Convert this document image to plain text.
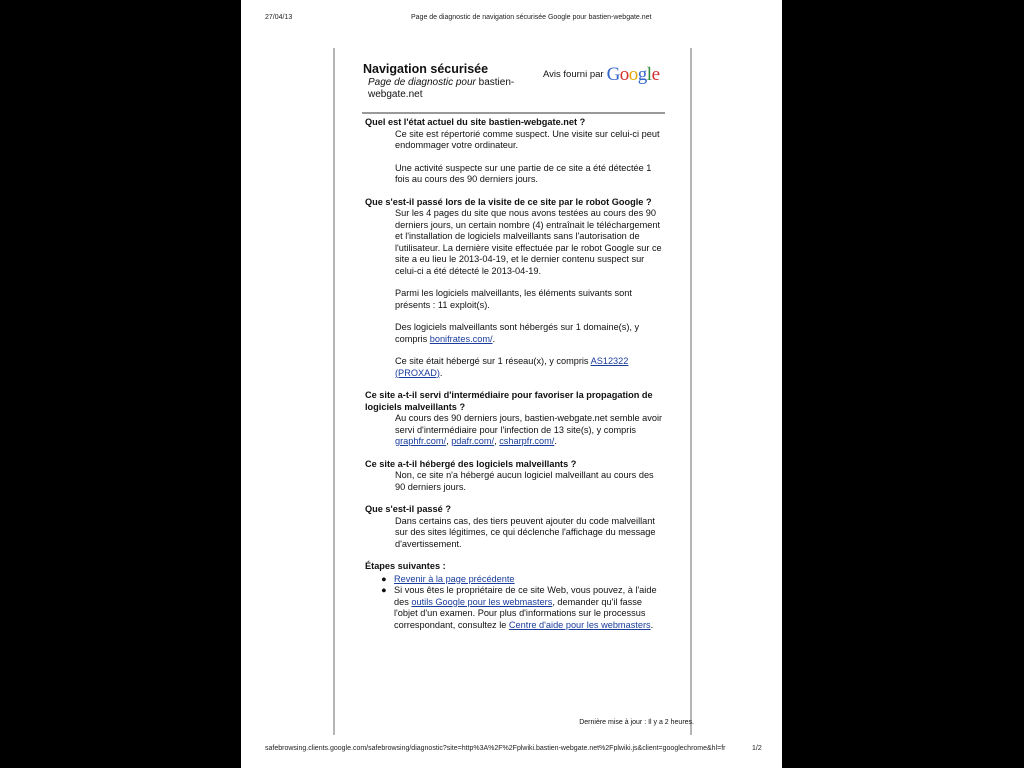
27/04/13	Page de diagnostic de navigation sécurisée Google pour bastien-webgate.net
Navigation sécurisée
Page de diagnostic pour bastien-webgate.net
Avis fourni par Google
Quel est l'état actuel du site bastien-webgate.net ?

Ce site est répertorié comme suspect. Une visite sur celui-ci peut endommager votre ordinateur.

Une activité suspecte sur une partie de ce site a été détectée 1 fois au cours des 90 derniers jours.

Que s'est-il passé lors de la visite de ce site par le robot Google ?

Sur les 4 pages du site que nous avons testées au cours des 90 derniers jours, un certain nombre (4) entraînait le téléchargement et l'installation de logiciels malveillants sans l'autorisation de l'utilisateur. La dernière visite effectuée par le robot Google sur ce site a eu lieu le 2013-04-19, et le dernier contenu suspect sur celui-ci a été détecté le 2013-04-19.

Parmi les logiciels malveillants, les éléments suivants sont présents : 11 exploit(s).

Des logiciels malveillants sont hébergés sur 1 domaine(s), y compris bonifrates.com/.

Ce site était hébergé sur 1 réseau(x), y compris AS12322 (PROXAD).

Ce site a-t-il servi d'intermédiaire pour favoriser la propagation de logiciels malveillants ?

Au cours des 90 derniers jours, bastien-webgate.net semble avoir servi d'intermédiaire pour l'infection de 13 site(s), y compris graphfr.com/, pdafr.com/, csharpfr.com/.

Ce site a-t-il hébergé des logiciels malveillants ?

Non, ce site n'a hébergé aucun logiciel malveillant au cours des 90 derniers jours.

Que s'est-il passé ?

Dans certains cas, des tiers peuvent ajouter du code malveillant sur des sites légitimes, ce qui déclenche l'affichage du message d'avertissement.

Étapes suivantes :
● Revenir à la page précédente
● Si vous êtes le propriétaire de ce site Web, vous pouvez, à l'aide des outils Google pour les webmasters, demander qu'il fasse l'objet d'un examen. Pour plus d'informations sur le processus correspondant, consultez le Centre d'aide pour les webmasters.
Dernière mise à jour : Il y a 2 heures.
safebrowsing.clients.google.com/safebrowsing/diagnostic?site=http%3A%2F%2Fplwiki.bastien-webgate.net%2Fplwiki.js&client=googlechrome&hl=fr	1/2
